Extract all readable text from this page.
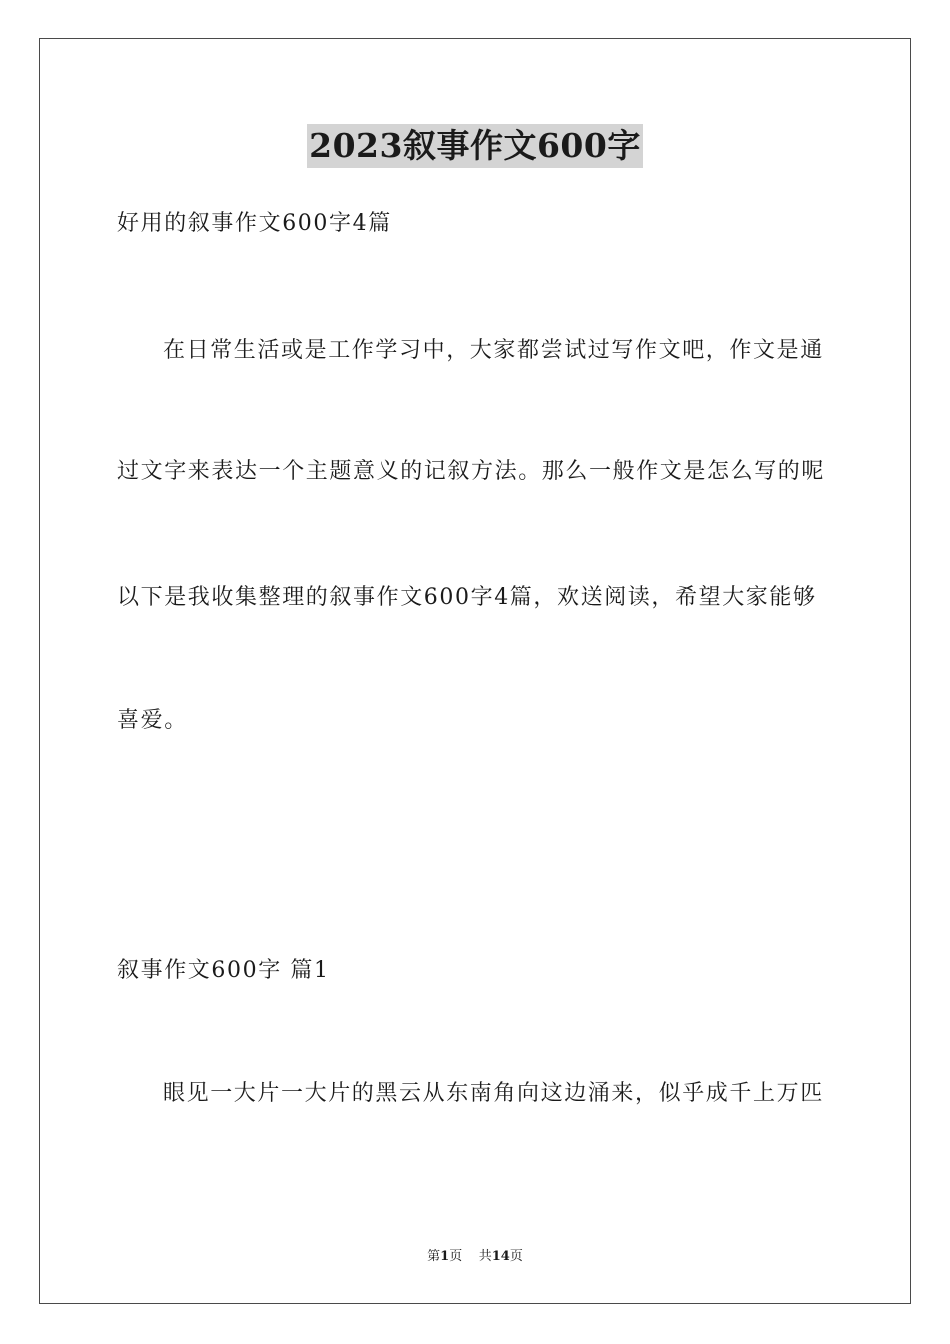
2023叙事作文600字
好用的叙事作文600字4篇
在日常生活或是工作学习中，大家都尝试过写作文吧，作文是通
过文字来表达一个主题意义的记叙方法。那么一般作文是怎么写的呢
以下是我收集整理的叙事作文600字4篇，欢送阅读，希望大家能够
喜爱。
叙事作文600字 篇1
眼见一大片一大片的黑云从东南角向这边涌来，似乎成千上万匹
第1页 共14页
